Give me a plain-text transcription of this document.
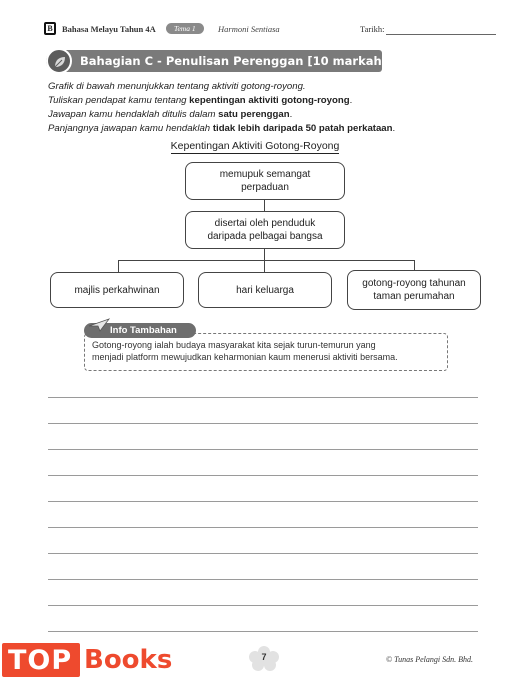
B	Bahasa Melayu Tahun 4A	Tema 1	Harmoni Sentiasa	Tarikh:
Bahagian C - Penulisan Perenggan [10 markah]
Grafik di bawah menunjukkan tentang aktiviti gotong-royong.
Tuliskan pendapat kamu tentang kepentingan aktiviti gotong-royong.
Jawapan kamu hendaklah ditulis dalam satu perenggan.
Panjangnya jawapan kamu hendaklah tidak lebih daripada 50 patah perkataan.
Kepentingan Aktiviti Gotong-Royong
memupuk semangat
perpaduan
disertai oleh penduduk
daripada pelbagai bangsa
majlis perkahwinan	hari keluarga
gotong-royong tahunan
taman perumahan
Info Tambahan
Gotong-royong ialah budaya masyarakat kita sejak turun-temurun yang
menjadi platform mewujudkan keharmonian kaum menerusi aktiviti bersama.
7	© Tunas Pelangi Sdn. Bhd.
TOP Books
